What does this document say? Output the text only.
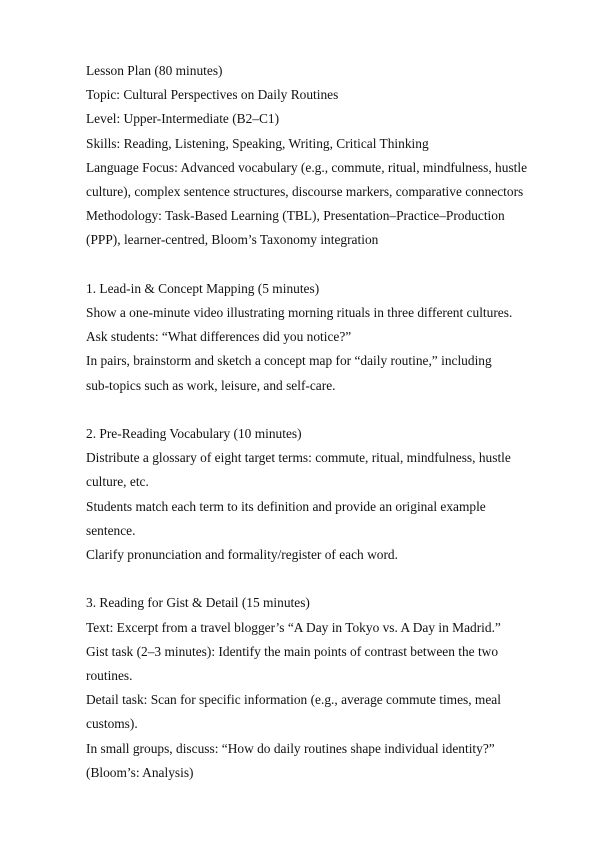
Lesson Plan (80 minutes)
Topic: Cultural Perspectives on Daily Routines
Level: Upper-Intermediate (B2–C1)
Skills: Reading, Listening, Speaking, Writing, Critical Thinking
Language Focus: Advanced vocabulary (e.g., commute, ritual, mindfulness, hustle
culture), complex sentence structures, discourse markers, comparative connectors
Methodology: Task-Based Learning (TBL), Presentation–Practice–Production
(PPP), learner-centred, Bloom’s Taxonomy integration
1. Lead-in & Concept Mapping (5 minutes)
Show a one-minute video illustrating morning rituals in three different cultures.
Ask students: “What differences did you notice?”
In pairs, brainstorm and sketch a concept map for “daily routine,” including
sub-topics such as work, leisure, and self-care.
2. Pre-Reading Vocabulary (10 minutes)
Distribute a glossary of eight target terms: commute, ritual, mindfulness, hustle
culture, etc.
Students match each term to its definition and provide an original example
sentence.
Clarify pronunciation and formality/register of each word.
3. Reading for Gist & Detail (15 minutes)
Text: Excerpt from a travel blogger’s “A Day in Tokyo vs. A Day in Madrid.”
Gist task (2–3 minutes): Identify the main points of contrast between the two
routines.
Detail task: Scan for specific information (e.g., average commute times, meal
customs).
In small groups, discuss: “How do daily routines shape individual identity?”
(Bloom’s: Analysis)
